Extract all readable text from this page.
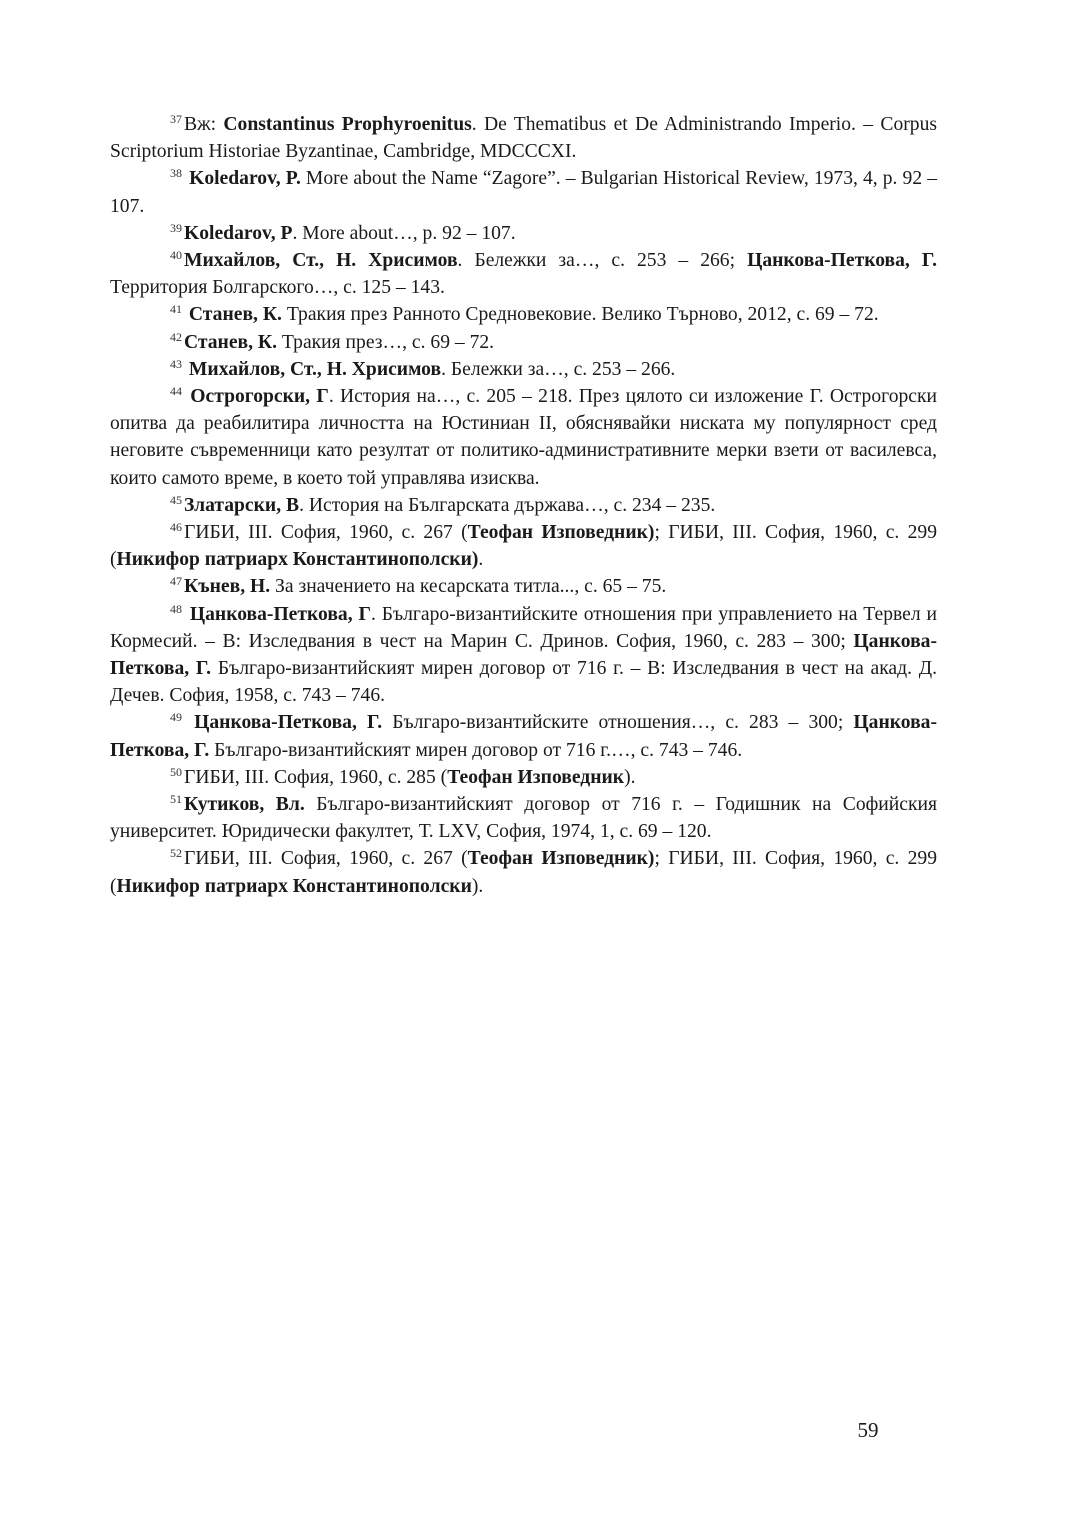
$^{37}$ Вж: Constantinus Prophyroenitus. De Thematibus et De Administrando Imperio. – Corpus Scriptorium Historiae Byzantinae, Cambridge, MDCCCXI.

$^{38}$ Koledarov, P. More about the Name “Zagore”. – Bulgarian Historical Review, 1973, 4, p. 92 – 107.

$^{39}$ Koledarov, P. More about…, p. 92 – 107.

$^{40}$ Михайлов, Ст., Н. Хрисимов. Бележки за…, с. 253 – 266; Цанкова-Петкова, Г. Территория Болгарского…, с. 125 – 143.

$^{41}$ Станев, К. Тракия през Ранното Средновековие. Велико Търново, 2012, с. 69 – 72.

$^{42}$ Станев, К. Тракия през…, с. 69 – 72.

$^{43}$ Михайлов, Ст., Н. Хрисимов. Бележки за…, с. 253 – 266.

$^{44}$ Острогорски, Г. История на…, с. 205 – 218. През цялото си изложение Г. Острогорски опитва да реабилитира личността на Юстиниан II, обяснявайки ниската му популярност сред неговите съвременници като резултат от политико-административните мерки взети от василевса, които самото време, в което той управлява изисква.

$^{45}$ Златарски, В. История на Българската държава…, с. 234 – 235.

$^{46}$ ГИБИ, III. София, 1960, с. 267 (Теофан Изповедник); ГИБИ, III. София, 1960, с. 299 (Никифор патриарх Константинополски).

$^{47}$ Кънев, Н. За значението на кесарската титла..., с. 65 – 75.

$^{48}$ Цанкова-Петкова, Г. Българо-византийските отношения при управлението на Тервел и Кормесий. – В: Изследвания в чест на Марин С. Дринов. София, 1960, с. 283 – 300; Цанкова-Петкова, Г. Българо-византийският мирен договор от 716 г. – В: Изследвания в чест на акад. Д. Дечев. София, 1958, с. 743 – 746.

$^{49}$ Цанкова-Петкова, Г. Българо-византийските отношения…, с. 283 – 300; Цанкова-Петкова, Г. Българо-византийският мирен договор от 716 г.…, с. 743 – 746.

$^{50}$ ГИБИ, III. София, 1960, с. 285 (Теофан Изповедник).

$^{51}$ Кутиков, Вл. Българо-византийският договор от 716 г. – Годишник на Софийския университет. Юридически факултет, Т. LXV, София, 1974, 1, с. 69 – 120.

$^{52}$ ГИБИ, III. София, 1960, с. 267 (Теофан Изповедник); ГИБИ, III. София, 1960, с. 299 (Никифор патриарх Константинополски).

59
